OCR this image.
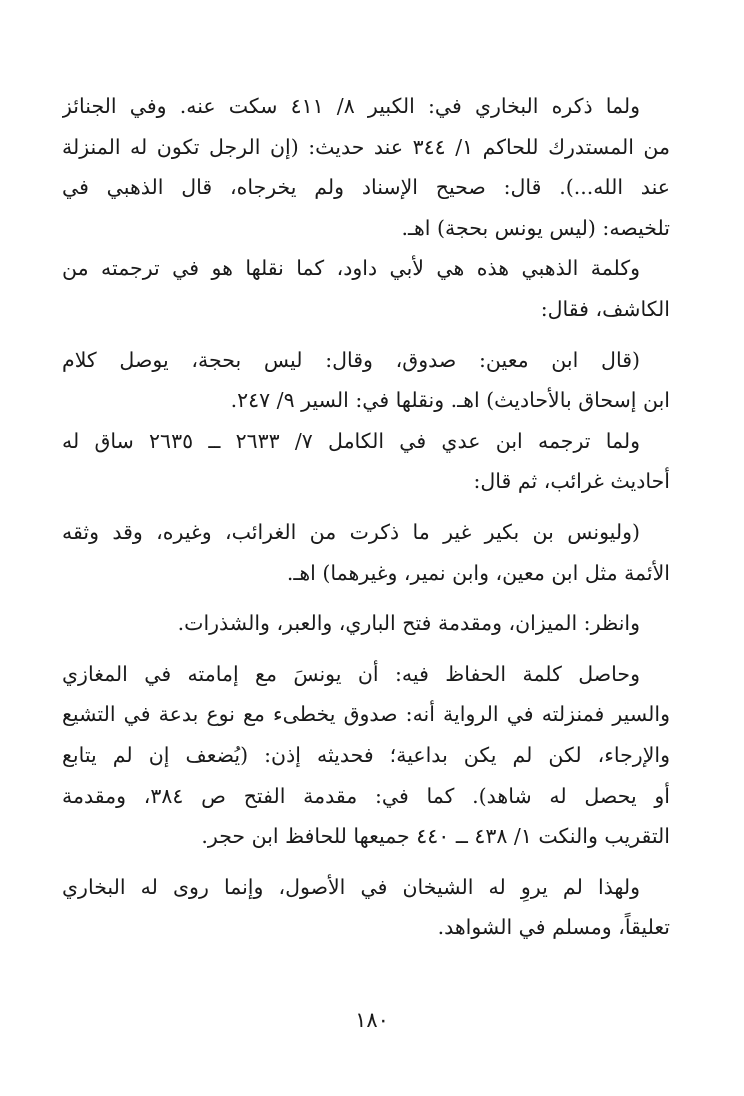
ولما ذكره البخاري في: الكبير ٨/ ٤١١ سكت عنه. وفي الجنائز
من المستدرك للحاكم ١/ ٣٤٤ عند حديث: (إن الرجل تكون له المنزلة
عند الله...). قال: صحيح الإسناد ولم يخرجاه، قال الذهبي في
تلخيصه: (ليس يونس بحجة) اهـ.
وكلمة الذهبي هذه هي لأبي داود، كما نقلها هو في ترجمته من
الكاشف، فقال:
(قال ابن معين: صدوق، وقال: ليس بحجة، يوصل كلام
ابن إسحاق بالأحاديث) اهـ. ونقلها في: السير ٩/ ٢٤٧.
ولما ترجمه ابن عدي في الكامل ٧/ ٢٦٣٣ ــ ٢٦٣٥ ساق له
أحاديث غرائب، ثم قال:
(وليونس بن بكير غير ما ذكرت من الغرائب، وغيره، وقد وثقه
الأئمة مثل ابن معين، وابن نمير، وغيرهما) اهـ.
وانظر: الميزان، ومقدمة فتح الباري، والعبر، والشذرات.
وحاصل كلمة الحفاظ فيه: أن يونسَ مع إمامته في المغازي
والسير فمنزلته في الرواية أنه: صدوق يخطىء مع نوع بدعة في التشيع
والإرجاء، لكن لم يكن بداعية؛ فحديثه إذن: (يُضعف إن لم يتابع
أو يحصل له شاهد). كما في: مقدمة الفتح ص ٣٨٤، ومقدمة
التقريب والنكت ١/ ٤٣٨ ــ ٤٤٠ جميعها للحافظ ابن حجر.
ولهذا لم يروِ له الشيخان في الأصول، وإنما روى له البخاري
تعليقاً، ومسلم في الشواهد.
١٨٠
